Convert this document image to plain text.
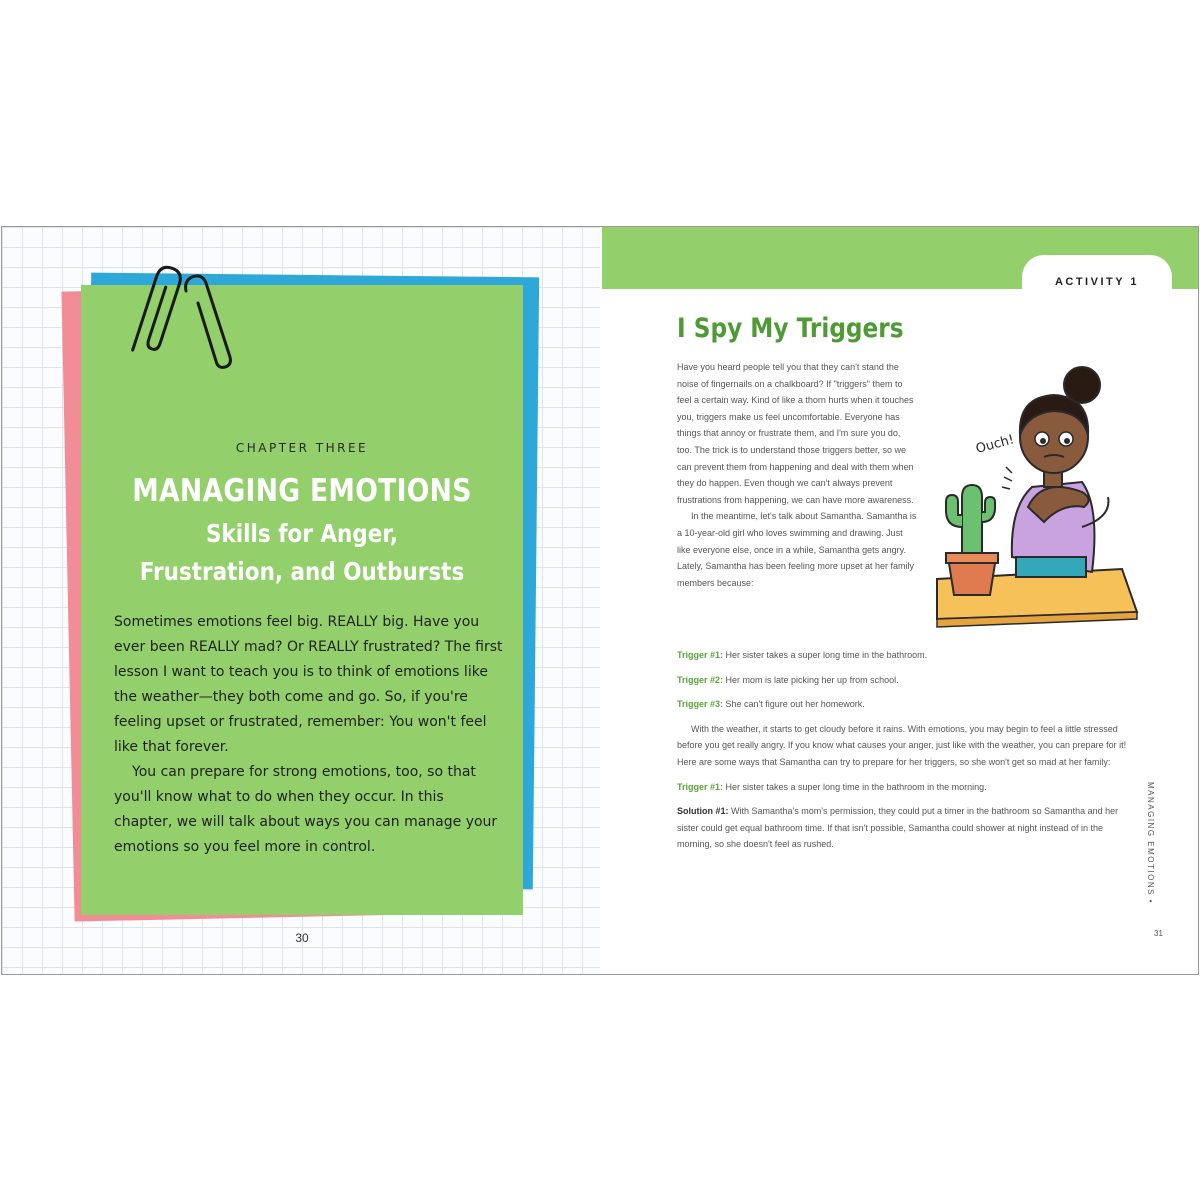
CHAPTER THREE
MANAGING EMOTIONS
Skills for Anger,
Frustration, and Outbursts

Sometimes emotions feel big. REALLY big. Have you ever been REALLY mad? Or REALLY frustrated? The first lesson I want to teach you is to think of emotions like the weather—they both come and go. So, if you're feeling upset or frustrated, remember: You won't feel like that forever.

You can prepare for strong emotions, too, so that you'll know what to do when they occur. In this chapter, we will talk about ways you can manage your emotions so you feel more in control.

30
ACTIVITY 1
I Spy My Triggers

Have you heard people tell you that they can't stand the noise of fingernails on a chalkboard? If "triggers" them to feel a certain way. Kind of like a thorn hurts when it touches you, triggers make us feel uncomfortable. Everyone has things that annoy or frustrate them, and I'm sure you do, too. The trick is to understand those triggers better, so we can prevent them from happening and deal with them when they do happen. Even though we can't always prevent frustrations from happening, we can have more awareness.

In the meantime, let's talk about Samantha. Samantha is a 10-year-old girl who loves swimming and drawing. Just like everyone else, once in a while, Samantha gets angry. Lately, Samantha has been feeling more upset at her family members because:

Ouch!

Trigger #1: Her sister takes a super long time in the bathroom.

Trigger #2: Her mom is late picking her up from school.

Trigger #3: She can't figure out her homework.

With the weather, it starts to get cloudy before it rains. With emotions, you may begin to feel a little stressed before you get really angry. If you know what causes your anger, just like with the weather, you can prepare for it! Here are some ways that Samantha can try to prepare for her triggers, so she won't get so mad at her family:

Trigger #1: Her sister takes a super long time in the bathroom in the morning.

Solution #1: With Samantha's mom's permission, they could put a timer in the bathroom so Samantha and her sister could get equal bathroom time. If that isn't possible, Samantha could shower at night instead of in the morning, so she doesn't feel as rushed.	MANAGING EMOTIONS •
31
